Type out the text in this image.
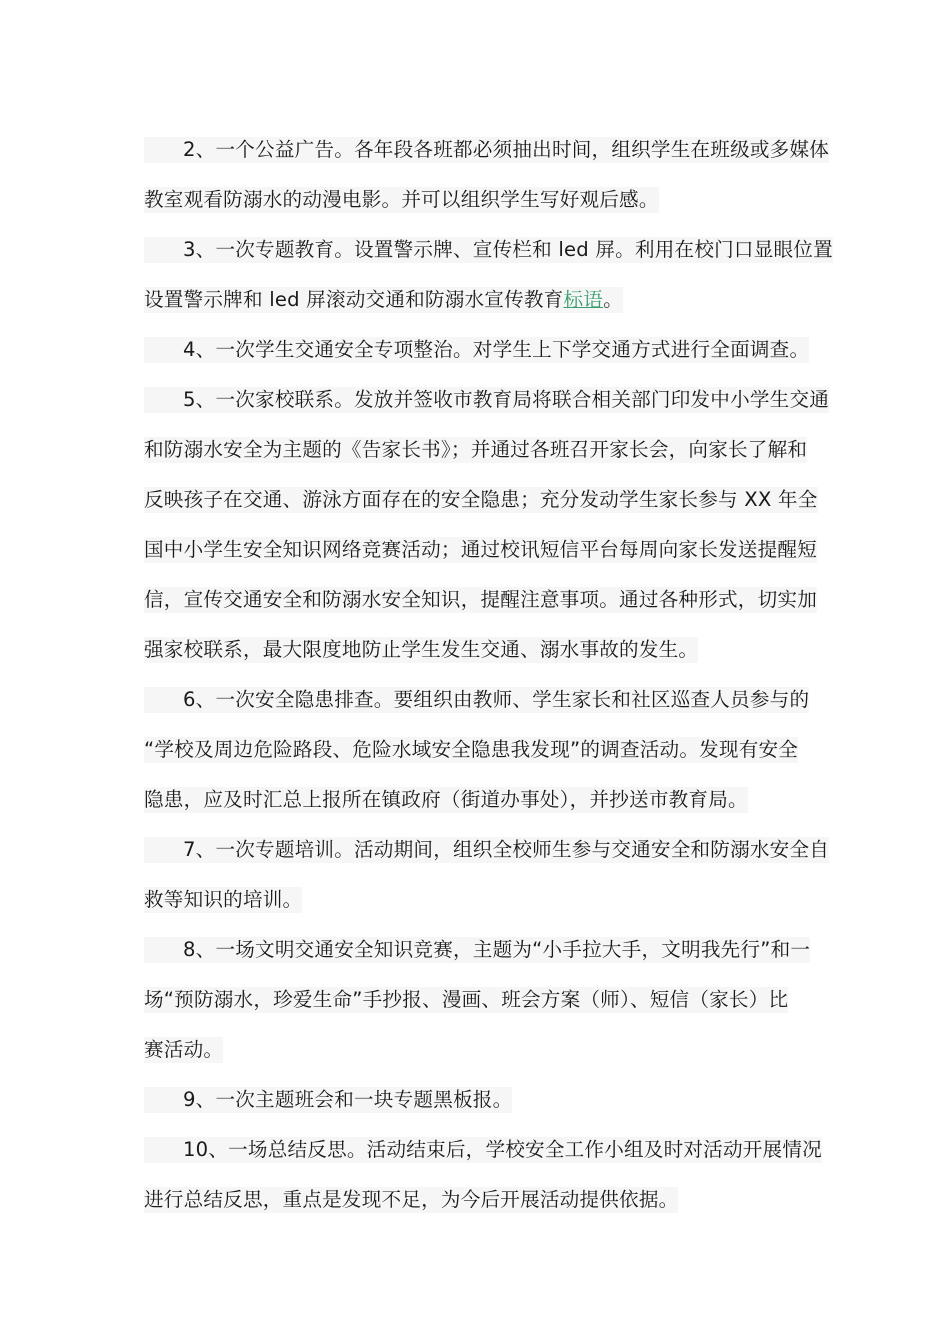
2、一个公益广告。各年段各班都必须抽出时间，组织学生在班级或多媒体
教室观看防溺水的动漫电影。并可以组织学生写好观后感。
3、一次专题教育。设置警示牌、宣传栏和 led 屏。利用在校门口显眼位置
设置警示牌和 led 屏滚动交通和防溺水宣传教育标语。
4、一次学生交通安全专项整治。对学生上下学交通方式进行全面调查。
5、一次家校联系。发放并签收市教育局将联合相关部门印发中小学生交通
和防溺水安全为主题的《告家长书》；并通过各班召开家长会，向家长了解和
反映孩子在交通、游泳方面存在的安全隐患；充分发动学生家长参与 XX 年全
国中小学生安全知识网络竞赛活动；通过校讯短信平台每周向家长发送提醒短
信，宣传交通安全和防溺水安全知识，提醒注意事项。通过各种形式，切实加
强家校联系，最大限度地防止学生发生交通、溺水事故的发生。
6、一次安全隐患排查。要组织由教师、学生家长和社区巡查人员参与的
“学校及周边危险路段、危险水域安全隐患我发现”的调查活动。发现有安全
隐患，应及时汇总上报所在镇政府（街道办事处），并抄送市教育局。
7、一次专题培训。活动期间，组织全校师生参与交通安全和防溺水安全自
救等知识的培训。
8、一场文明交通安全知识竞赛，主题为“小手拉大手，文明我先行”和一
场“预防溺水，珍爱生命”手抄报、漫画、班会方案（师）、短信（家长）比
赛活动。
9、一次主题班会和一块专题黑板报。
10、一场总结反思。活动结束后，学校安全工作小组及时对活动开展情况
进行总结反思，重点是发现不足，为今后开展活动提供依据。
